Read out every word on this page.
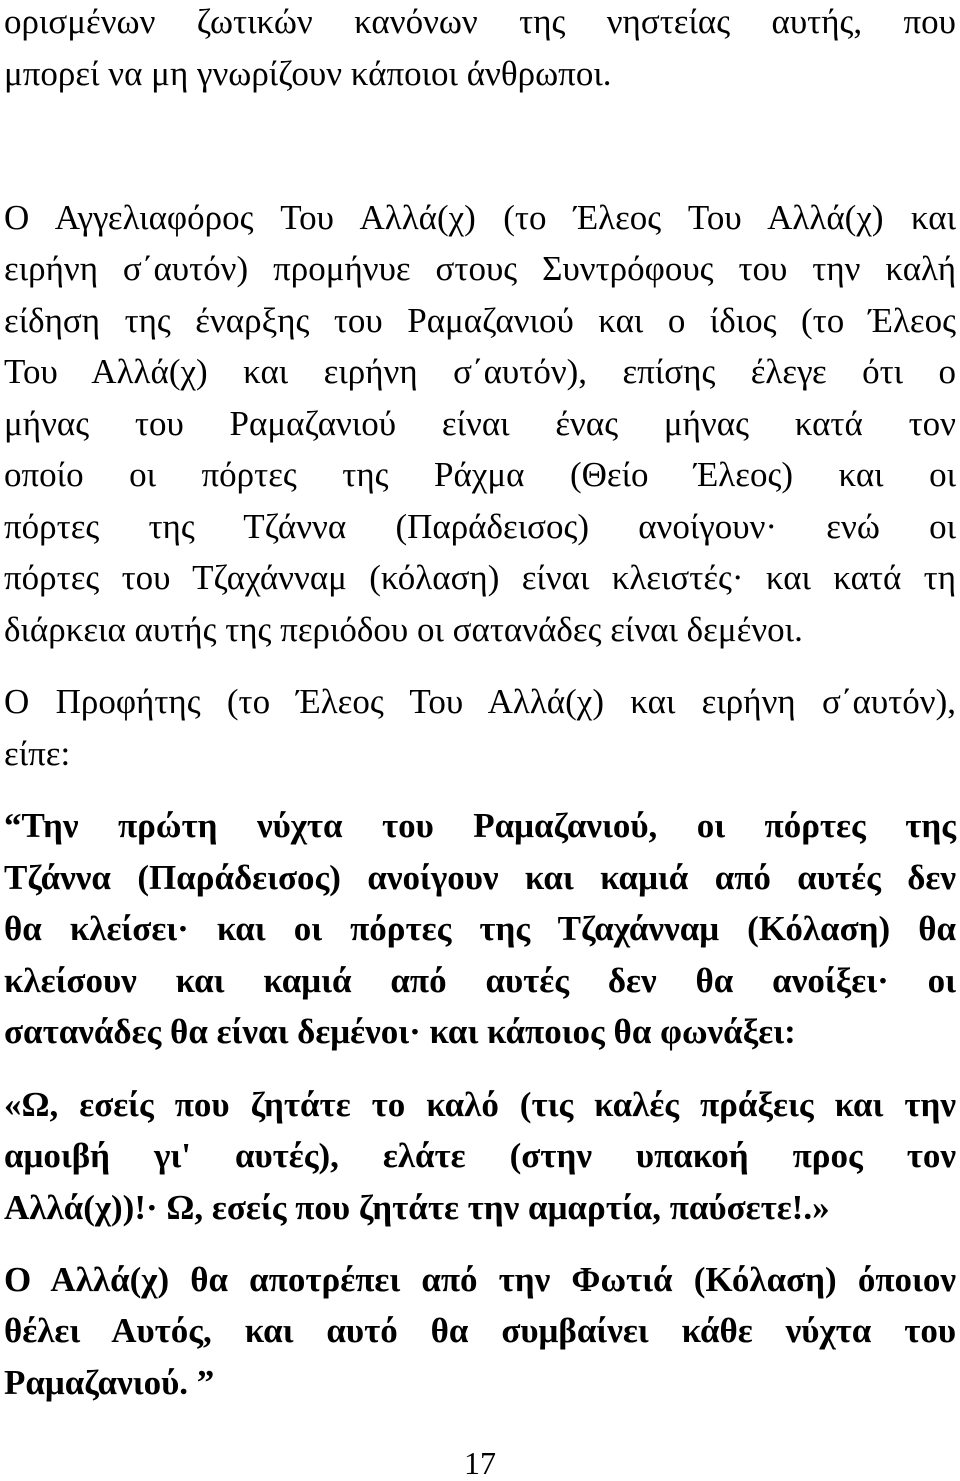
ορισμένων ζωτικών κανόνων της νηστείας αυτής, που

μπορεί να μη γνωρίζουν κάποιοι άνθρωποι.

Ο Αγγελιαφόρος Του Αλλά(χ) (το Έλεος Του Αλλά(χ) και

ειρήνη σ΄αυτόν) προμήνυε στους Συντρόφους του την καλή

είδηση της έναρξης του Ραμαζανιού και ο ίδιος (το Έλεος

Του Αλλά(χ) και ειρήνη σ΄αυτόν), επίσης έλεγε ότι ο

μήνας του Ραμαζανιού είναι ένας μήνας κατά τον

οποίο οι πόρτες της Ράχμα (Θείο Έλεος) και οι

πόρτες της Τζάννα (Παράδεισος) ανοίγουν· ενώ οι

πόρτες του Τζαχάνναμ (κόλαση) είναι κλειστές· και κατά τη

διάρκεια αυτής της περιόδου οι σατανάδες είναι δεμένοι.

Ο Προφήτης (το Έλεος Του Αλλά(χ) και ειρήνη σ΄αυτόν),

είπε:

“Την πρώτη νύχτα του Ραμαζανιού, οι πόρτες της

Τζάννα (Παράδεισος) ανοίγουν και καμιά από αυτές δεν

θα κλείσει· και οι πόρτες της Τζαχάνναμ (Κόλαση) θα

κλείσουν και καμιά από αυτές δεν θα ανοίξει· οι

σατανάδες θα είναι δεμένοι· και κάποιος θα φωνάξει:

«Ω, εσείς που ζητάτε το καλό (τις καλές πράξεις και την

αμοιβή γι' αυτές), ελάτε (στην υπακοή προς τον

Αλλά(χ))!· Ω, εσείς που ζητάτε την αμαρτία, παύσετε!.»

Ο Αλλά(χ) θα αποτρέπει από την Φωτιά (Κόλαση) όποιον

θέλει Αυτός, και αυτό θα συμβαίνει κάθε νύχτα του

Ραμαζανιού. ”

17
